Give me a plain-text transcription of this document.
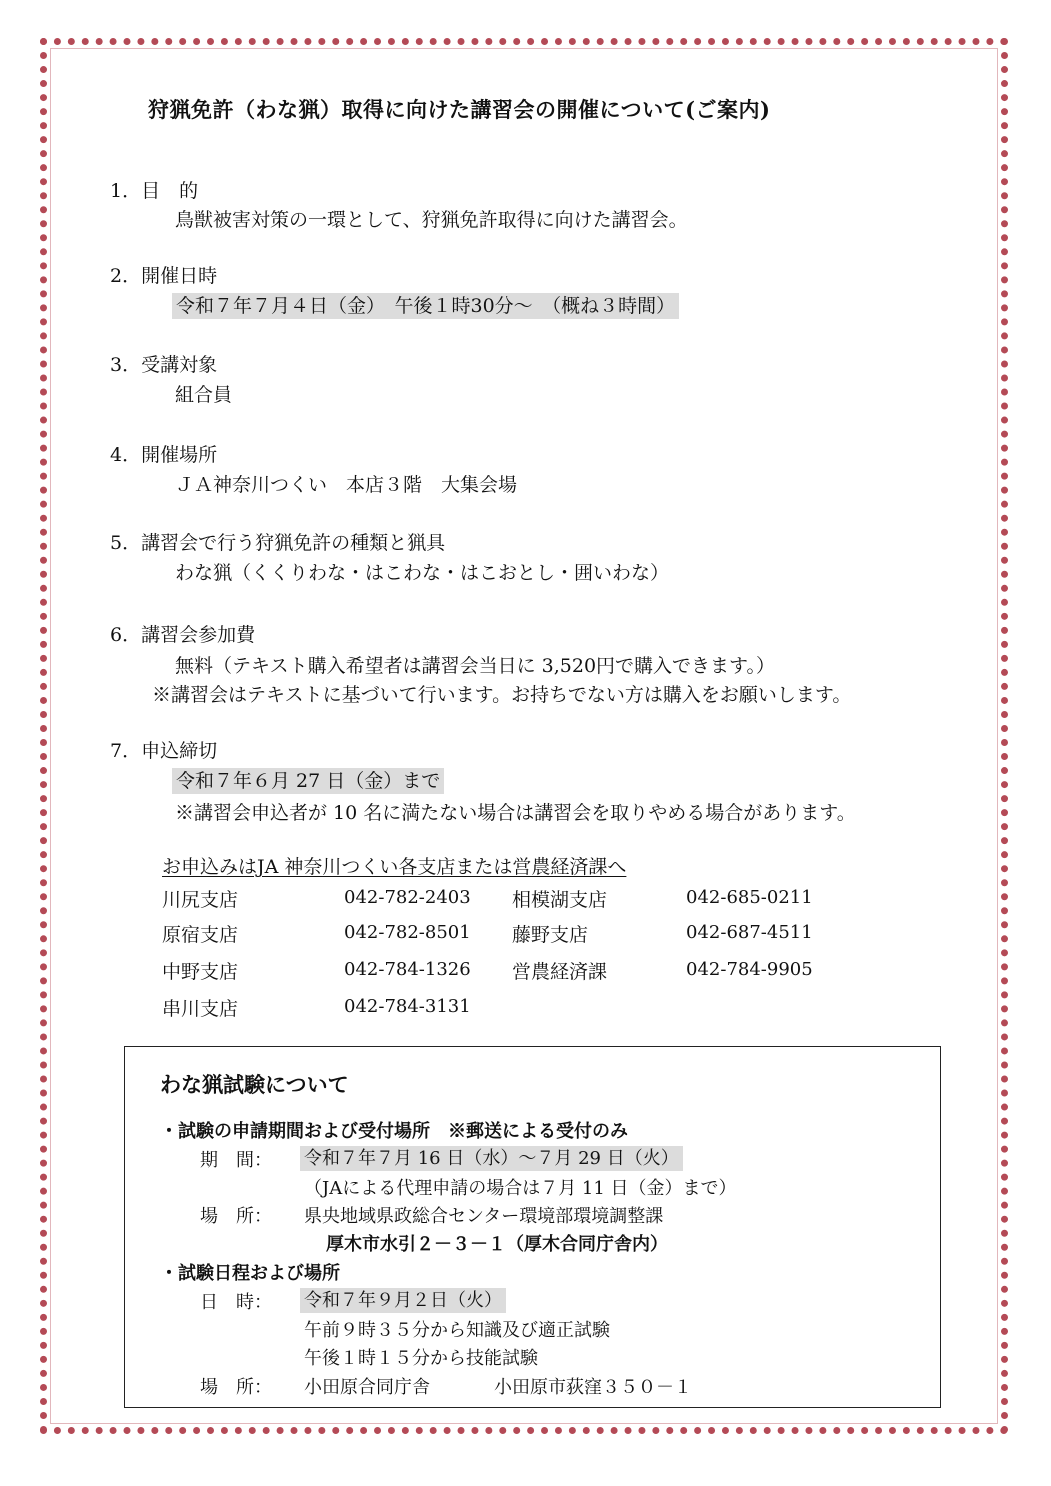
狩猟免許（わな猟）取得に向けた講習会の開催について(ご案内)
1．目　的
鳥獣被害対策の一環として、狩猟免許取得に向けた講習会。
2．開催日時
令和７年７月４日（金）　午後１時30分～　（概ね３時間）
3．受講対象
組合員
4．開催場所
ＪＡ神奈川つくい　本店３階　大集会場
5．講習会で行う狩猟免許の種類と猟具
わな猟（くくりわな・はこわな・はこおとし・囲いわな）
6．講習会参加費
無料（テキスト購入希望者は講習会当日に 3,520円で購入できます。）
※講習会はテキストに基づいて行います。お持ちでない方は購入をお願いします。
7．申込締切
令和７年６月 27 日（金）まで
※講習会申込者が 10 名に満たない場合は講習会を取りやめる場合があります。
お申込みはJA 神奈川つくい各支店または営農経済課へ
川尻支店	042-782-2403 相模湖支店	042-685-0211
原宿支店	042-782-8501 藤野支店	042-687-4511
中野支店	042-784-1326 営農経済課	042-784-9905
串川支店	042-784-3131
わな猟試験について
・試験の申請期間および受付場所　※郵送による受付のみ
期　間： 令和７年７月 16 日（水）～７月 29 日（火）
（JAによる代理申請の場合は７月 11 日（金）まで）
場　所： 県央地域県政総合センター環境部環境調整課
厚木市水引２－３－１（厚木合同庁舎内）
・試験日程および場所
日　時： 令和７年９月２日（火）
午前９時３５分から知識及び適正試験
午後１時１５分から技能試験
場　所： 小田原合同庁舎	小田原市荻窪３５０－１
